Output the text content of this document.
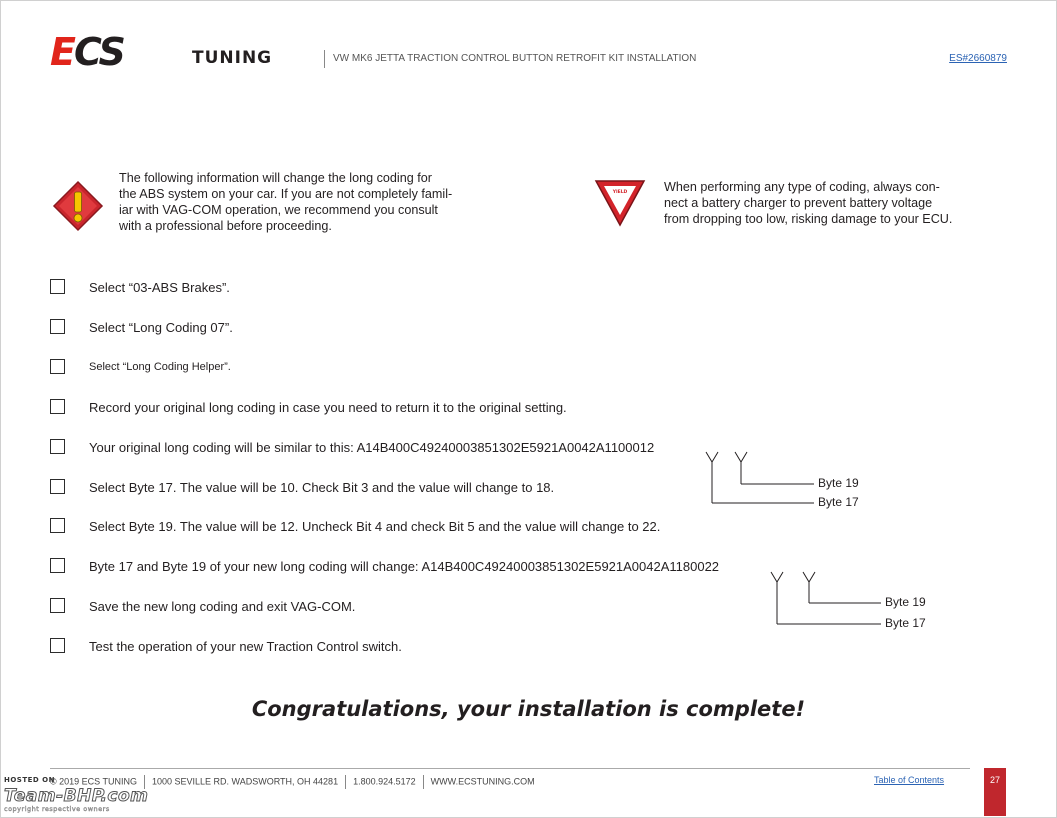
ECS	TUNING	VW MK6 JETTA TRACTION CONTROL BUTTON RETROFIT KIT INSTALLATION	ES#2660879
The following information will change the long coding for
the ABS system on your car. If you are not completely famil-
iar with VAG-COM operation, we recommend you consult
with a professional before proceeding.
YIELD	When performing any type of coding, always con-
nect a battery charger to prevent battery voltage
from dropping too low, risking damage to your ECU.
Select “03-ABS Brakes”.
Select “Long Coding 07”.
Select “Long Coding Helper”.
Record your original long coding in case you need to return it to the original setting.
Your original long coding will be similar to this: A14B400C49240003851302E5921A0042A1100012
Select Byte 17. The value will be 10. Check Bit 3 and the value will change to 18.
Select Byte 19. The value will be 12. Uncheck Bit 4 and check Bit 5 and the value will change to 22.
Byte 17 and Byte 19 of your new long coding will change: A14B400C49240003851302E5921A0042A1180022
Save the new long coding and exit VAG-COM.
Test the operation of your new Traction Control switch.
Byte 19
Byte 17
Byte 19
Byte 17
Congratulations, your installation is complete!
© 2019 ECS TUNING 1000 SEVILLE RD. WADSWORTH, OH 44281 1.800.924.5172 WWW.ECSTUNING.COM	Table of Contents	27
HOSTED ON
Team-BHP.com
copyright respective owners
